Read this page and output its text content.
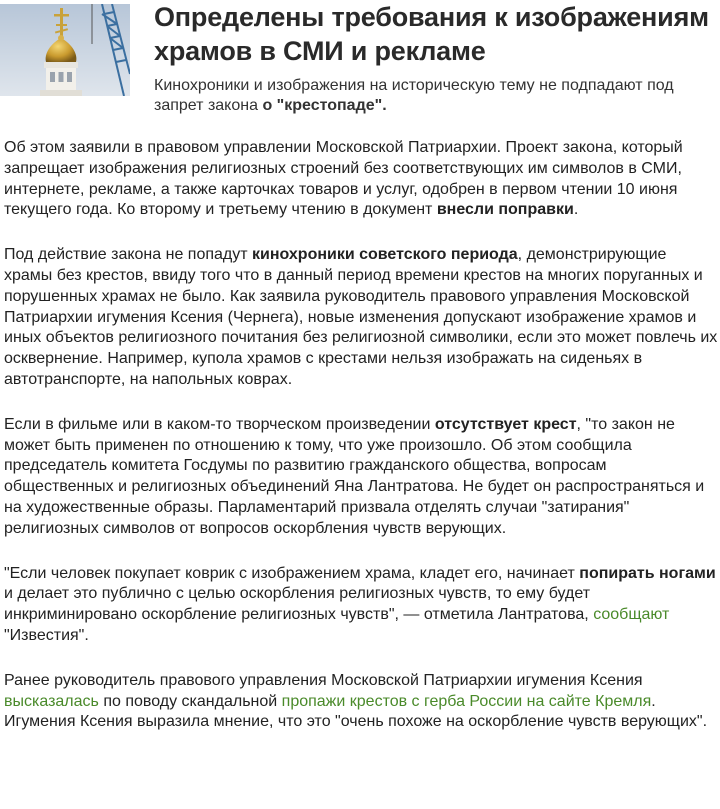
Определены требования к изображениям храмов в СМИ и рекламе

Кинохроники и изображения на историческую тему не подпадают под запрет закона о "крестопаде".

Об этом заявили в правовом управлении Московской Патриархии. Проект закона, который запрещает изображения религиозных строений без соответствующих им символов в СМИ, интернете, рекламе, а также карточках товаров и услуг, одобрен в первом чтении 10 июня текущего года. Ко второму и третьему чтению в документ внесли поправки.

Под действие закона не попадут кинохроники советского периода, демонстрирующие храмы без крестов, ввиду того что в данный период времени крестов на многих поруганных и порушенных храмах не было. Как заявила руководитель правового управления Московской Патриархии игумения Ксения (Чернега), новые изменения допускают изображение храмов и иных объектов религиозного почитания без религиозной символики, если это может повлечь их осквернение. Например, купола храмов с крестами нельзя изображать на сиденьях в автотранспорте, на напольных коврах.

Если в фильме или в каком-то творческом произведении отсутствует крест, "то закон не может быть применен по отношению к тому, что уже произошло. Об этом сообщила председатель комитета Госдумы по развитию гражданского общества, вопросам общественных и религиозных объединений Яна Лантратова. Не будет он распространяться и на художественные образы. Парламентарий призвала отделять случаи "затирания" религиозных символов от вопросов оскорбления чувств верующих.

"Если человек покупает коврик с изображением храма, кладет его, начинает попирать ногами и делает это публично с целью оскорбления религиозных чувств, то ему будет инкриминировано оскорбление религиозных чувств", — отметила Лантратова, сообщают "Известия".

Ранее руководитель правового управления Московской Патриархии игумения Ксения высказалась по поводу скандальной пропажи крестов с герба России на сайте Кремля. Игумения Ксения выразила мнение, что это "очень похоже на оскорбление чувств верующих".
